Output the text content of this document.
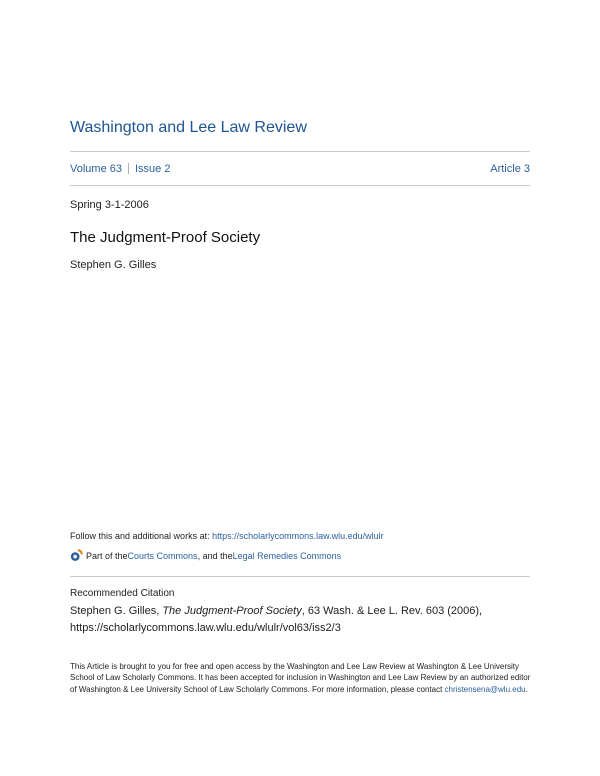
Washington and Lee Law Review
Volume 63 Issue 2	Article 3
Spring 3-1-2006
The Judgment-Proof Society
Stephen G. Gilles
Follow this and additional works at: https://scholarlycommons.law.wlu.edu/wlulr
Part of the Courts Commons , and the Legal Remedies Commons
Recommended Citation
Stephen G. Gilles, The Judgment-Proof Society, 63 Wash. & Lee L. Rev. 603 (2006),
https://scholarlycommons.law.wlu.edu/wlulr/vol63/iss2/3
This Article is brought to you for free and open access by the Washington and Lee Law Review at Washington & Lee University School of Law Scholarly Commons. It has been accepted for inclusion in Washington and Lee Law Review by an authorized editor of Washington & Lee University School of Law Scholarly Commons. For more information, please contact christensena@wlu.edu.
